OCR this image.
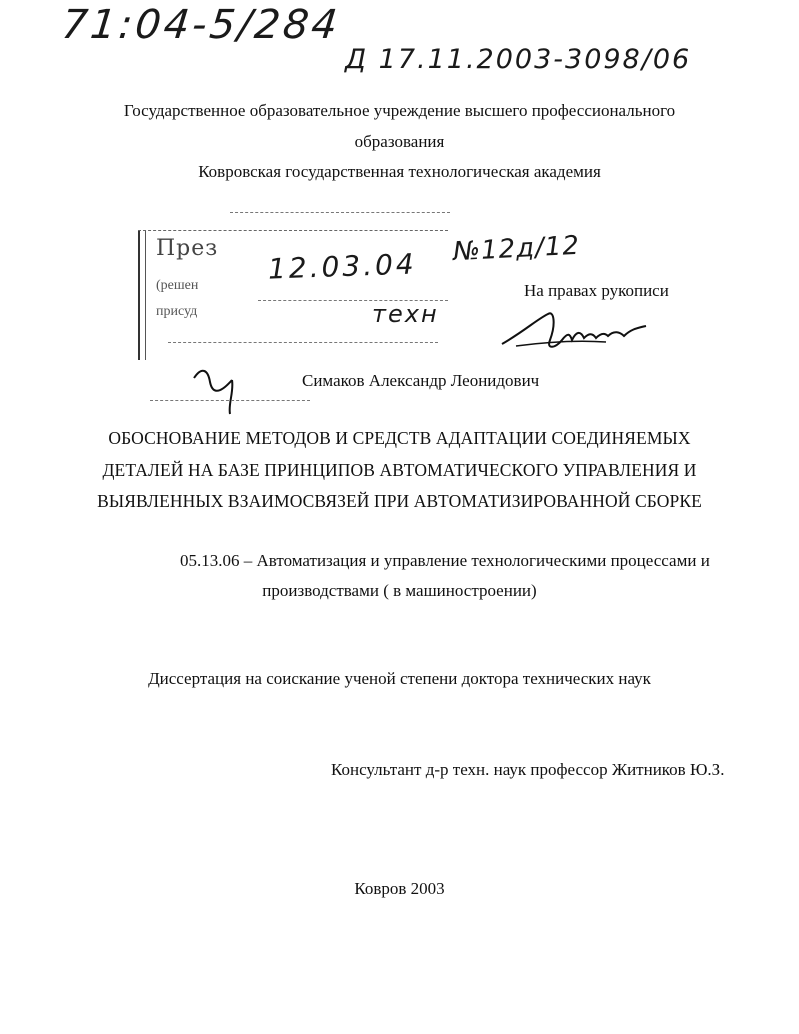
71:04-5/284
Д 17.11.2003-3098/06
Государственное образовательное учреждение высшего профессионального
образования
Ковровская государственная технологическая академия
През
(решен
присуд
12.03.04 №12д/12
техн
На правах рукописи
Симаков Александр Леонидович
ОБОСНОВАНИЕ МЕТОДОВ И СРЕДСТВ АДАПТАЦИИ СОЕДИНЯЕМЫХ
ДЕТАЛЕЙ НА БАЗЕ ПРИНЦИПОВ АВТОМАТИЧЕСКОГО УПРАВЛЕНИЯ И
ВЫЯВЛЕННЫХ ВЗАИМОСВЯЗЕЙ ПРИ АВТОМАТИЗИРОВАННОЙ СБОРКЕ
05.13.06 – Автоматизация и управление технологическими процессами и
производствами ( в машиностроении)
Диссертация на соискание ученой степени доктора технических наук
Консультант д-р техн. наук профессор Житников Ю.З.
Ковров 2003
